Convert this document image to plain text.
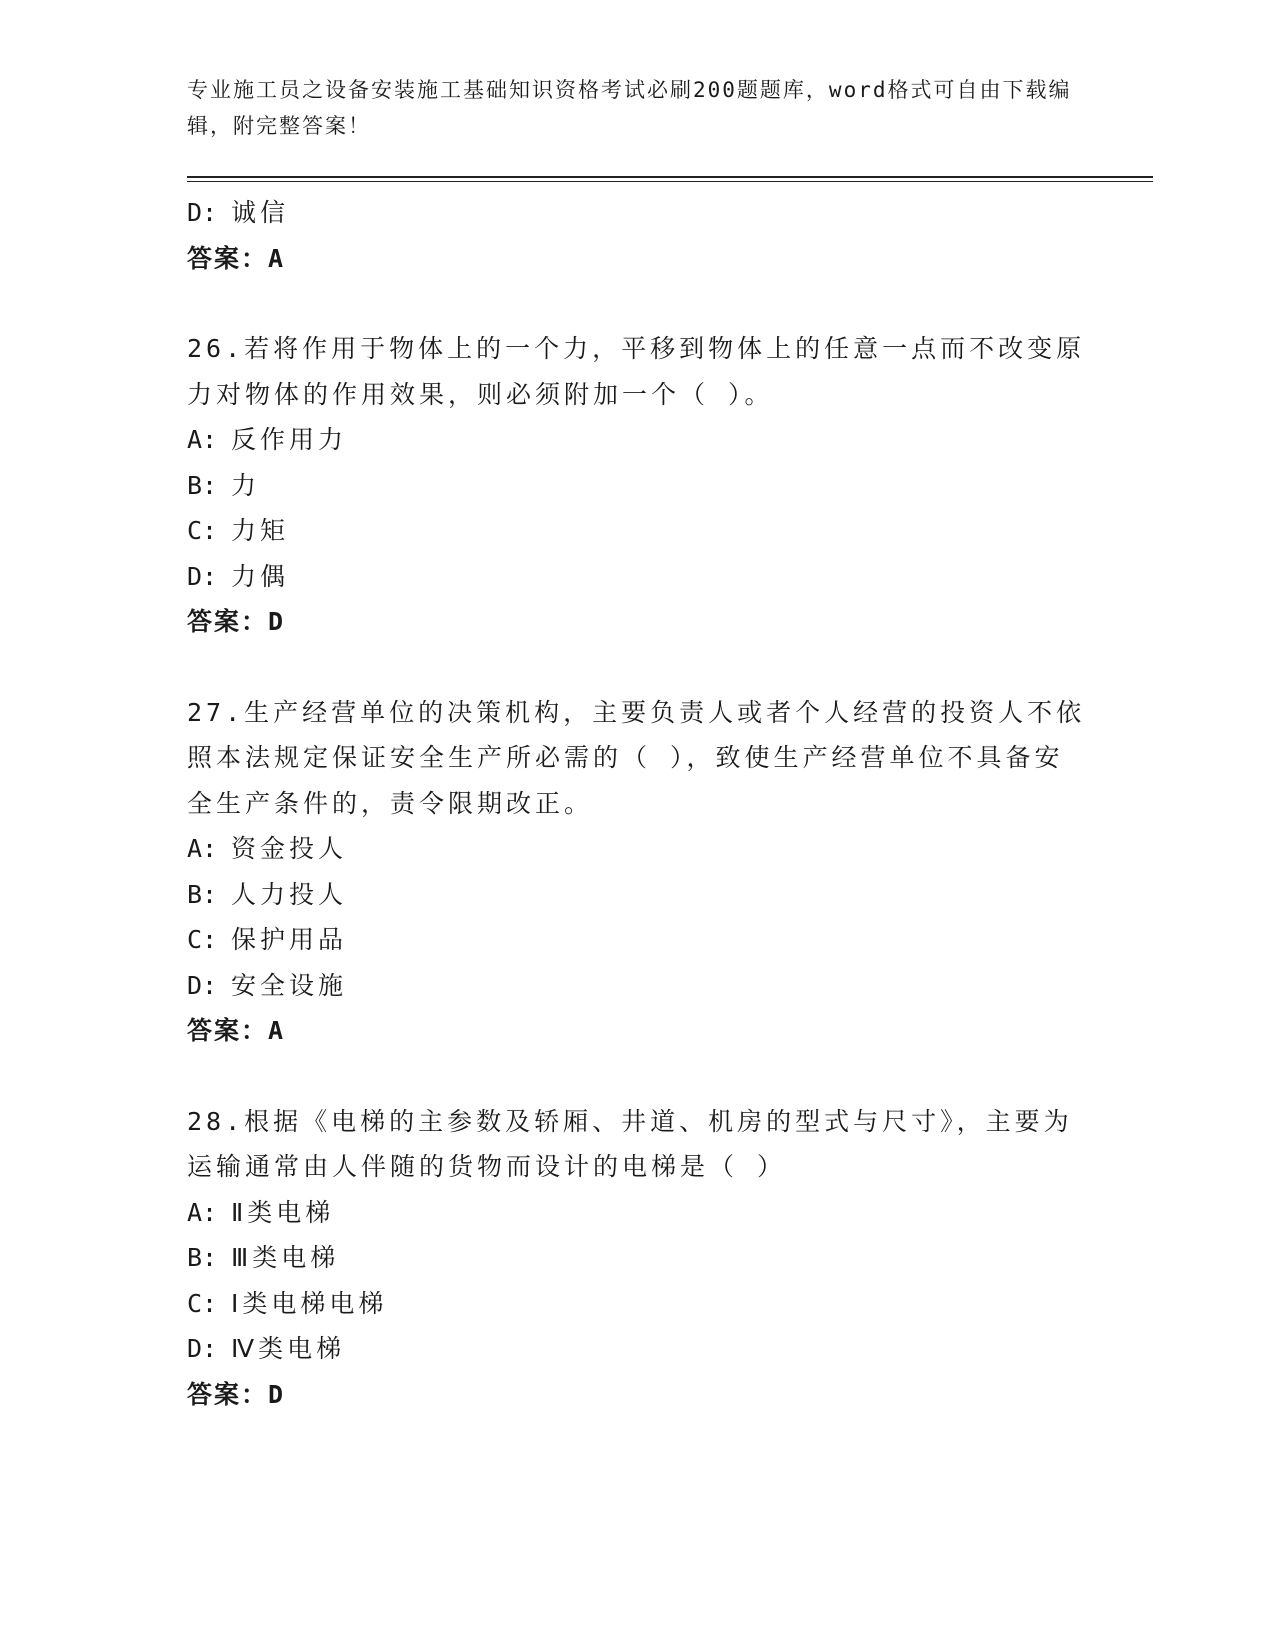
专业施工员之设备安装施工基础知识资格考试必刷200题题库，word格式可自由下载编辑，附完整答案！
D: 诚信
答案：A
26.若将作用于物体上的一个力，平移到物体上的任意一点而不改变原
力对物体的作用效果，则必须附加一个（ ）。
A: 反作用力
B: 力
C: 力矩
D: 力偶
答案：D
27.生产经营单位的决策机构，主要负责人或者个人经营的投资人不依
照本法规定保证安全生产所必需的（ ），致使生产经营单位不具备安
全生产条件的，责令限期改正。
A: 资金投人
B: 人力投人
C: 保护用品
D: 安全设施
答案：A
28.根据《电梯的主参数及轿厢、井道、机房的型式与尺寸》，主要为
运输通常由人伴随的货物而设计的电梯是（ ）
A: Ⅱ类电梯
B: Ⅲ类电梯
C: Ⅰ类电梯电梯
D: Ⅳ类电梯
答案：D
